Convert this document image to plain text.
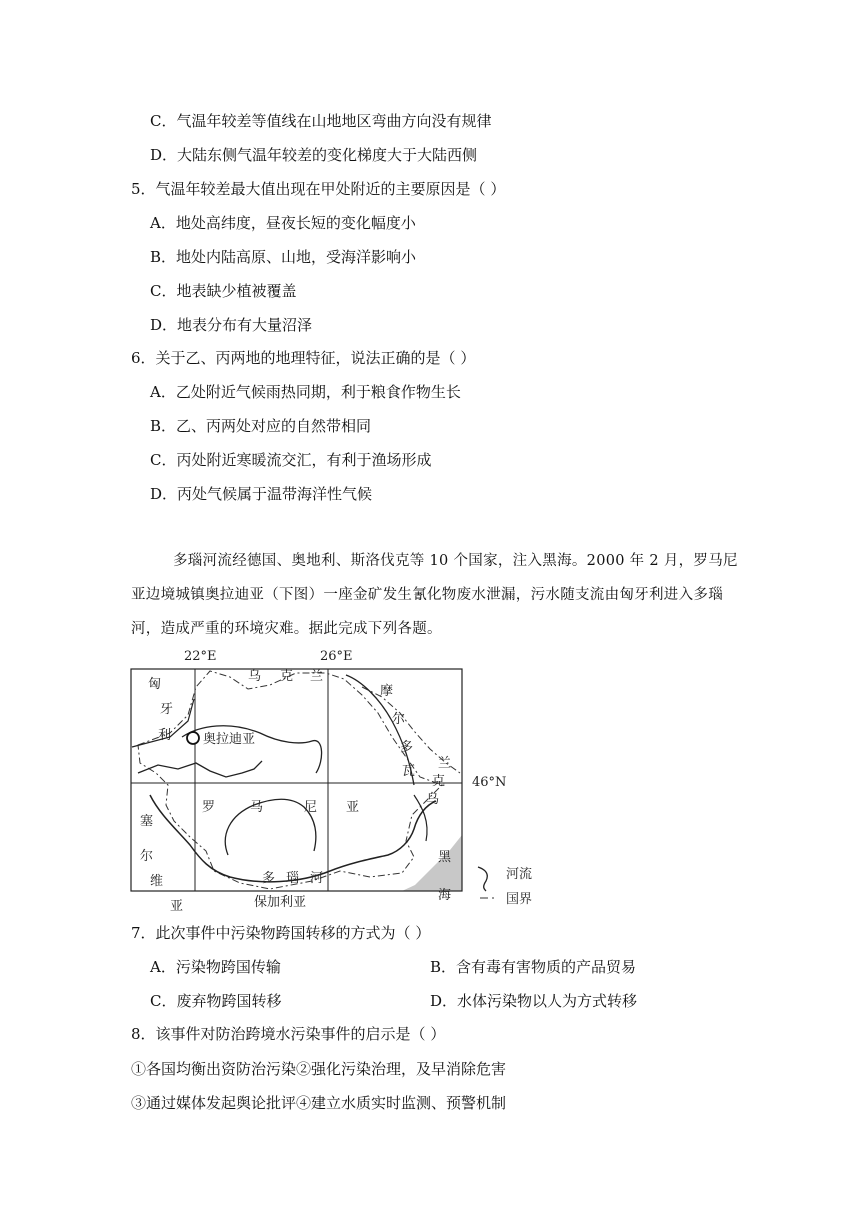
C．气温年较差等值线在山地地区弯曲方向没有规律
D．大陆东侧气温年较差的变化梯度大于大陆西侧
5．气温年较差最大值出现在甲处附近的主要原因是（ ）
A．地处高纬度，昼夜长短的变化幅度小
B．地处内陆高原、山地，受海洋影响小
C．地表缺少植被覆盖
D．地表分布有大量沼泽
6．关于乙、丙两地的地理特征，说法正确的是（ ）
A．乙处附近气候雨热同期，利于粮食作物生长
B．乙、丙两处对应的自然带相同
C．丙处附近寒暖流交汇，有利于渔场形成
D．丙处气候属于温带海洋性气候
多瑙河流经德国、奥地利、斯洛伐克等 10 个国家，注入黑海。2000 年 2 月，罗马尼
亚边境城镇奥拉迪亚（下图）一座金矿发生氰化物废水泄漏，污水随支流由匈牙利进入多瑙
河，造成严重的环境灾难。据此完成下列各题。
22°E	26°E
46°N
奥拉迪亚
匈
牙
利
乌 克 兰
摩
尔
多
瓦
兰
克
乌
罗	马	尼 亚
塞
尔
维
亚
多 瑙 河
保加利亚
黑
海
河流
国界
7．此次事件中污染物跨国转移的方式为（ ）
A．污染物跨国传输	B．含有毒有害物质的产品贸易
C．废弃物跨国转移	D．水体污染物以人为方式转移
8．该事件对防治跨境水污染事件的启示是（ ）
①各国均衡出资防治污染②强化污染治理，及早消除危害
③通过媒体发起舆论批评④建立水质实时监测、预警机制
